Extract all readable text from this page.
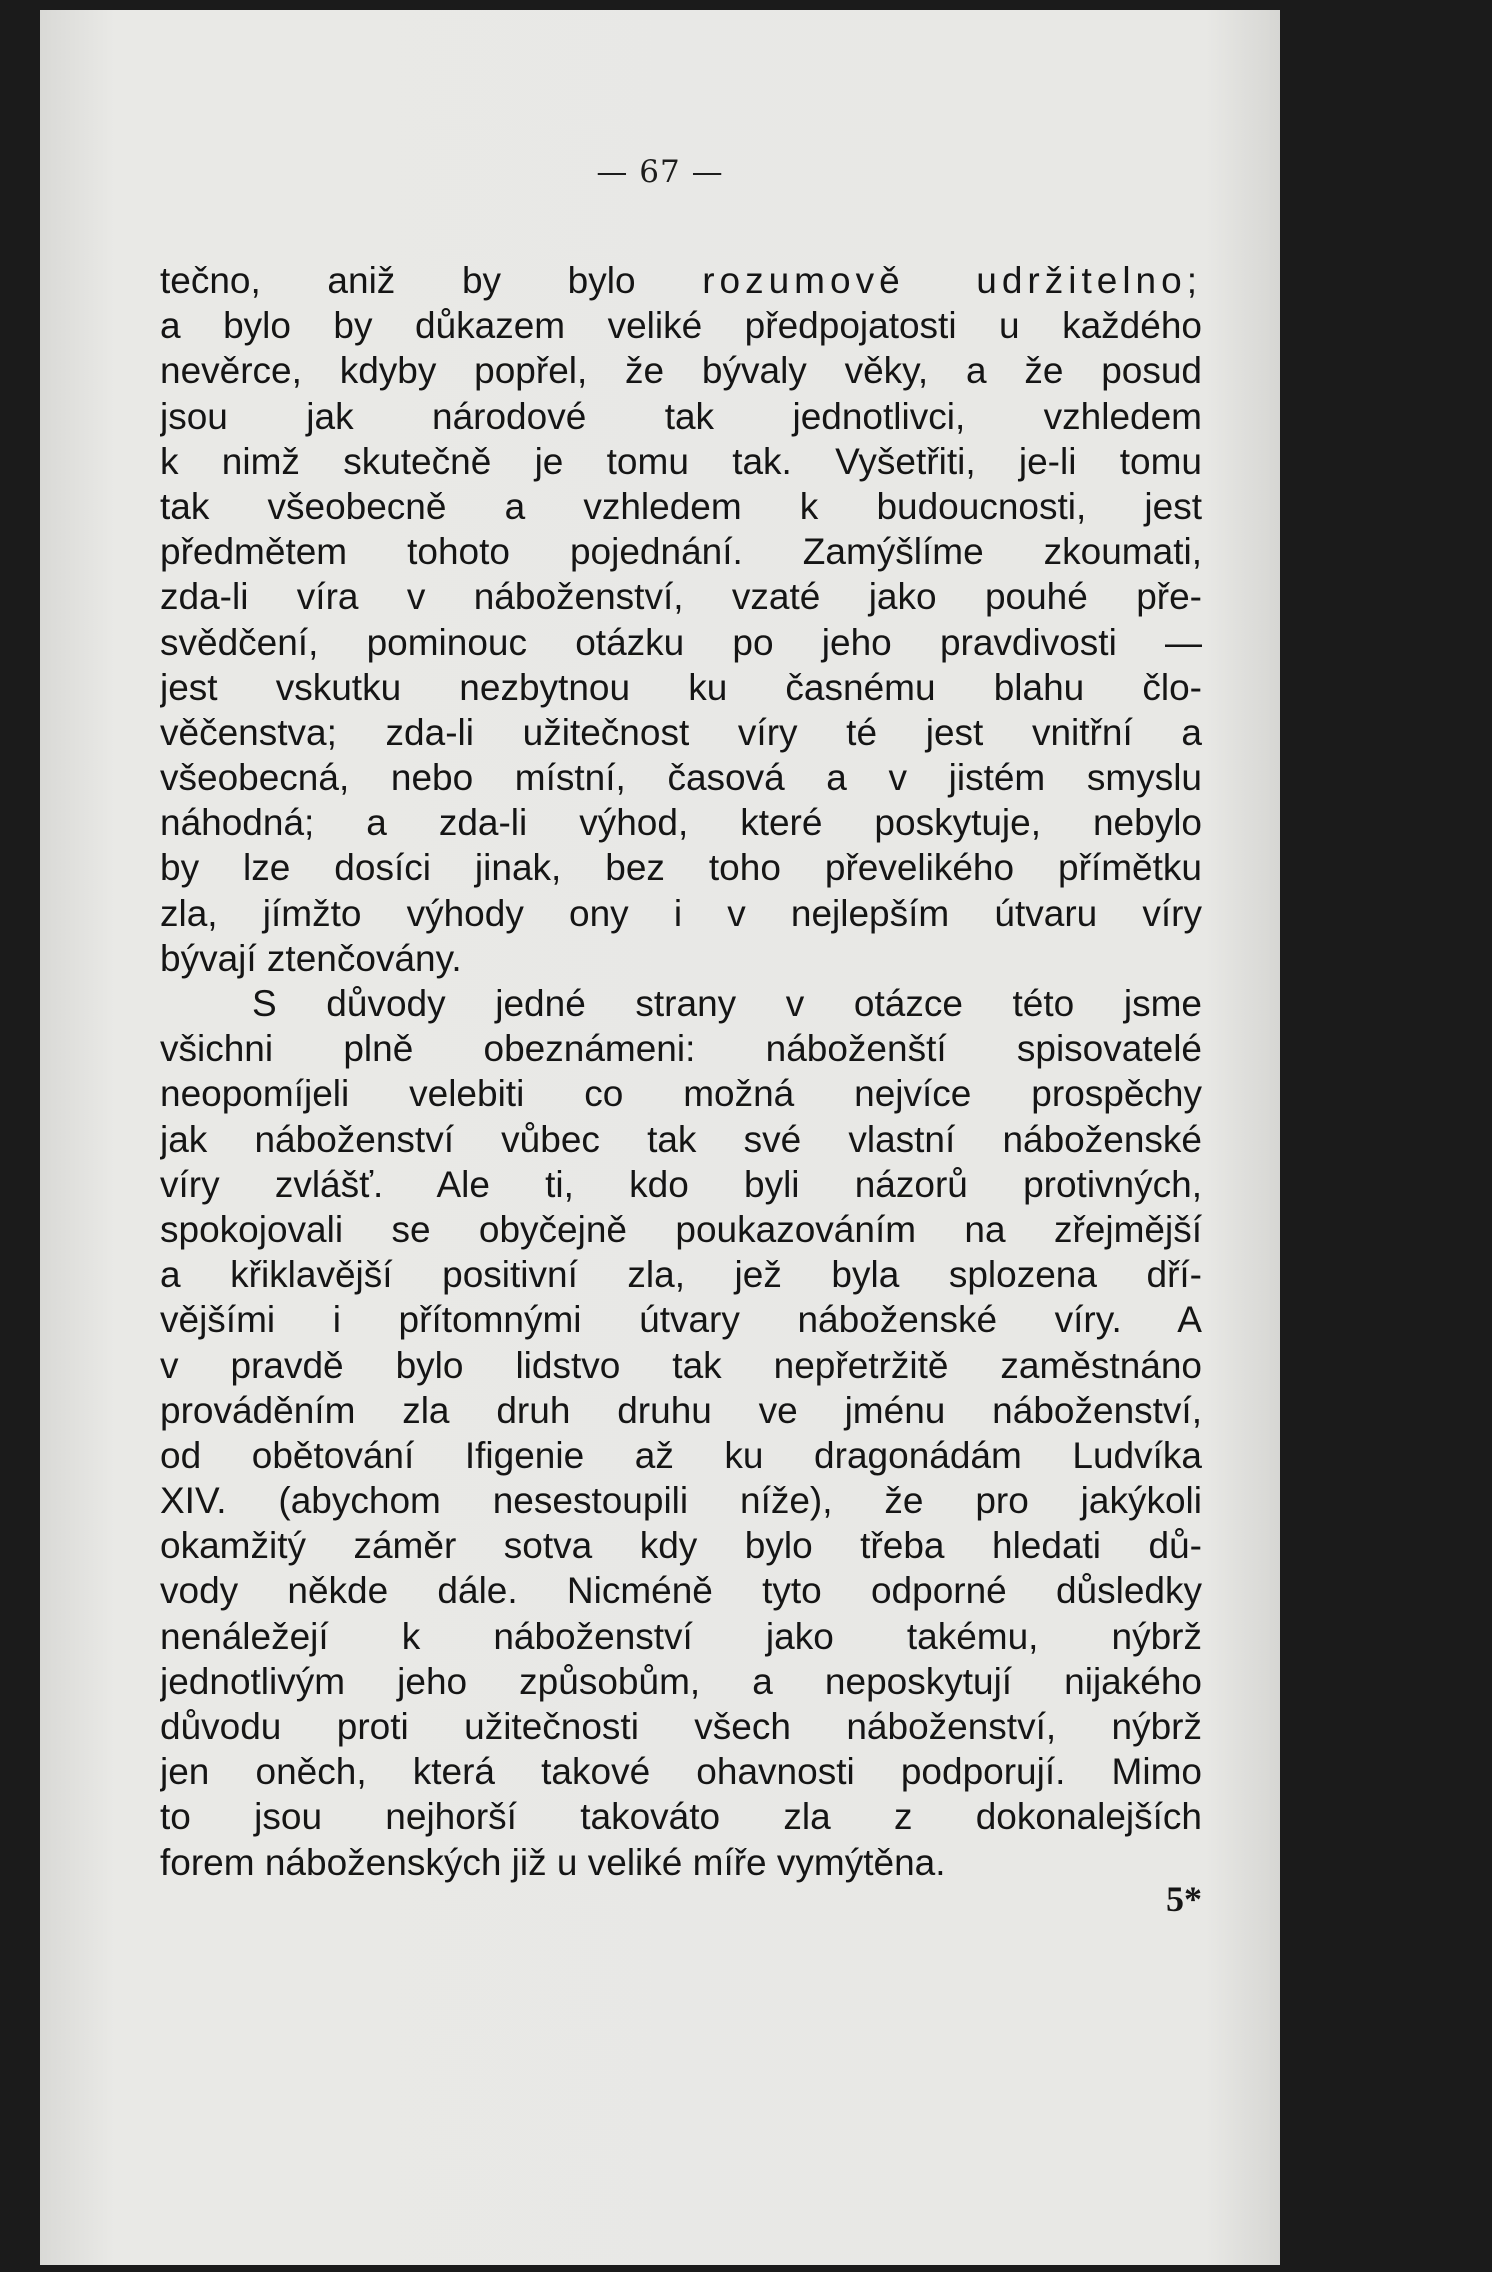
— 67 —
tečno, aniž by bylo rozumově udržitelno;
a bylo by důkazem veliké předpojatosti u každého
nevěrce, kdyby popřel, že bývaly věky, a že posud
jsou jak národové tak jednotlivci, vzhledem
k nimž skutečně je tomu tak. Vyšetřiti, je-li tomu
tak všeobecně a vzhledem k budoucnosti, jest
předmětem tohoto pojednání. Zamýšlíme zkoumati,
zda-li víra v náboženství, vzaté jako pouhé pře-
svědčení, pominouc otázku po jeho pravdivosti —
jest vskutku nezbytnou ku časnému blahu člo-
věčenstva; zda-li užitečnost víry té jest vnitřní a
všeobecná, nebo místní, časová a v jistém smyslu
náhodná; a zda-li výhod, které poskytuje, nebylo
by lze dosíci jinak, bez toho převelikého přímětku
zla, jímžto výhody ony i v nejlepším útvaru víry
bývají ztenčovány.
S důvody jedné strany v otázce této jsme
všichni plně obeznámeni: náboženští spisovatelé
neopomíjeli velebiti co možná nejvíce prospěchy
jak náboženství vůbec tak své vlastní náboženské
víry zvlášť. Ale ti, kdo byli názorů protivných,
spokojovali se obyčejně poukazováním na zřejmější
a křiklavější positivní zla, jež byla splozena dří-
vějšími i přítomnými útvary náboženské víry. A
v pravdě bylo lidstvo tak nepřetržitě zaměstnáno
prováděním zla druh druhu ve jménu náboženství,
od obětování Ifigenie až ku dragonádám Ludvíka
XIV. (abychom nesestoupili níže), že pro jakýkoli
okamžitý záměr sotva kdy bylo třeba hledati dů-
vody někde dále. Nicméně tyto odporné důsledky
nenáležejí k náboženství jako takému, nýbrž
jednotlivým jeho způsobům, a neposkytují nijakého
důvodu proti užitečnosti všech náboženství, nýbrž
jen oněch, která takové ohavnosti podporují. Mimo
to jsou nejhorší takováto zla z dokonalejších
forem náboženských již u veliké míře vymýtěna.
5*
